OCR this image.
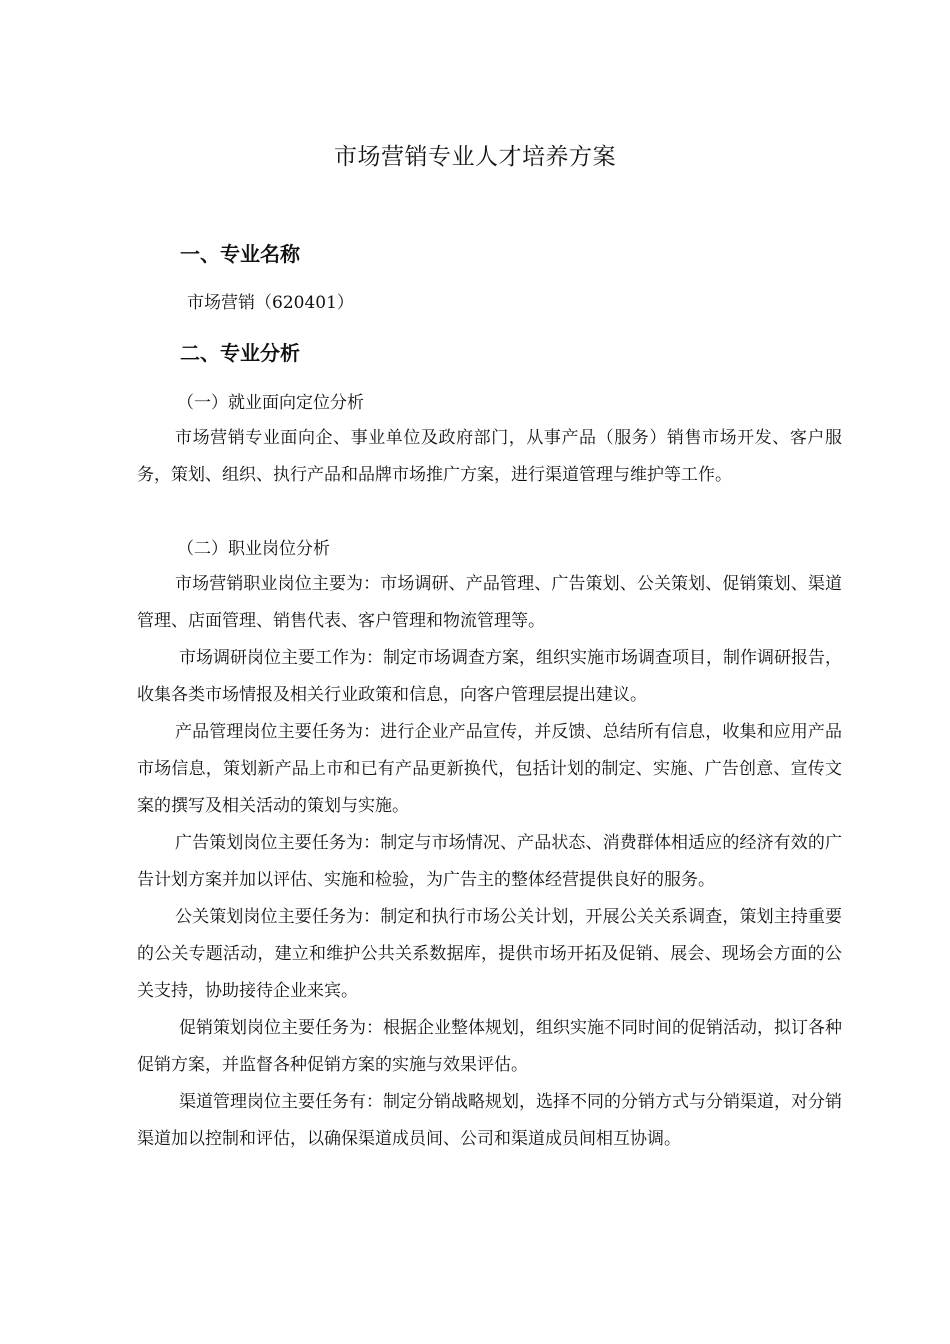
市场营销专业人才培养方案
一、专业名称
市场营销（620401）
二、专业分析
（一）就业面向定位分析

市场营销专业面向企、事业单位及政府部门，从事产品（服务）销售市场开发、客户服务，策划、组织、执行产品和品牌市场推广方案，进行渠道管理与维护等工作。

（二）职业岗位分析

市场营销职业岗位主要为：市场调研、产品管理、广告策划、公关策划、促销策划、渠道管理、店面管理、销售代表、客户管理和物流管理等。

市场调研岗位主要工作为：制定市场调查方案，组织实施市场调查项目，制作调研报告，收集各类市场情报及相关行业政策和信息，向客户管理层提出建议。

产品管理岗位主要任务为：进行企业产品宣传，并反馈、总结所有信息，收集和应用产品市场信息，策划新产品上市和已有产品更新换代，包括计划的制定、实施、广告创意、宣传文案的撰写及相关活动的策划与实施。

广告策划岗位主要任务为：制定与市场情况、产品状态、消费群体相适应的经济有效的广告计划方案并加以评估、实施和检验，为广告主的整体经营提供良好的服务。

公关策划岗位主要任务为：制定和执行市场公关计划，开展公关关系调查，策划主持重要的公关专题活动，建立和维护公共关系数据库，提供市场开拓及促销、展会、现场会方面的公关支持，协助接待企业来宾。

促销策划岗位主要任务为：根据企业整体规划，组织实施不同时间的促销活动，拟订各种促销方案，并监督各种促销方案的实施与效果评估。

渠道管理岗位主要任务有：制定分销战略规划，选择不同的分销方式与分销渠道，对分销渠道加以控制和评估，以确保渠道成员间、公司和渠道成员间相互协调。
